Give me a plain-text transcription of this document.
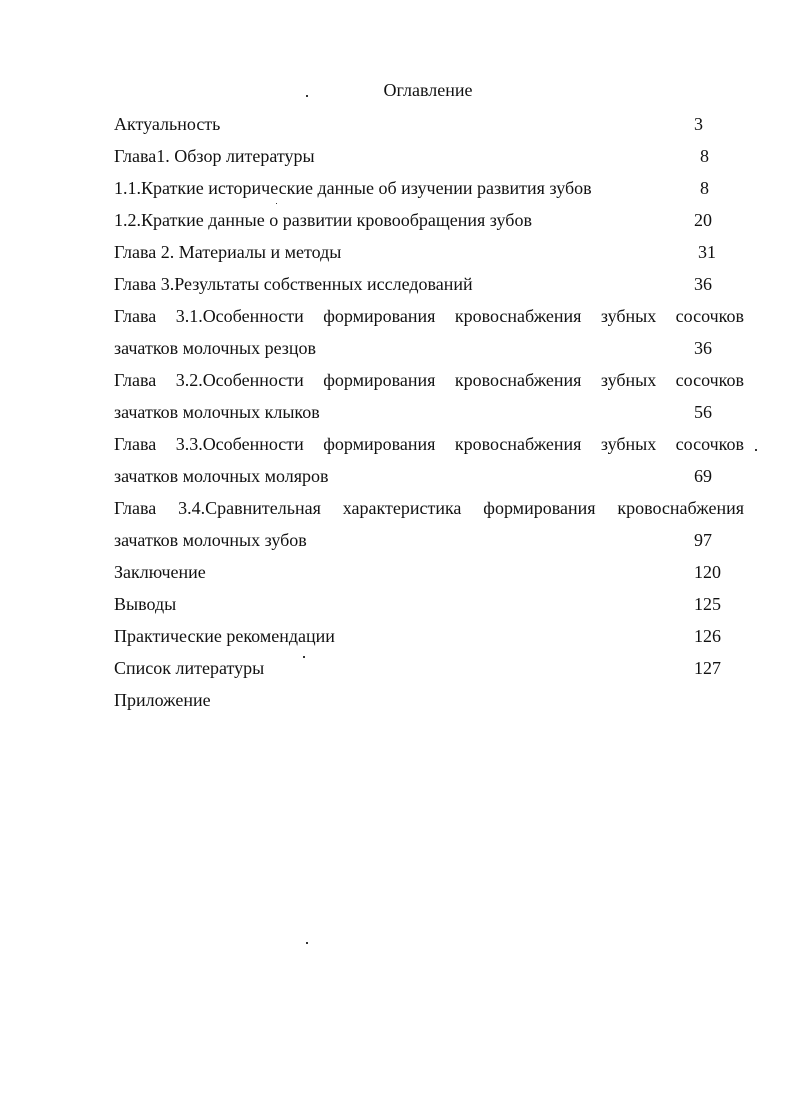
Оглавление
Актуальность	3
Глава1. Обзор литературы	8
1.1.Краткие исторические данные об изучении развития зубов	8
1.2.Краткие данные о развитии кровообращения зубов	20
Глава 2. Материалы и методы	31
Глава 3.Результаты собственных исследований	36
Глава 3.1.Особенности формирования кровоснабжения зубных сосочков
зачатков молочных резцов	36
Глава 3.2.Особенности формирования кровоснабжения зубных сосочков
зачатков молочных клыков	56
Глава 3.3.Особенности формирования кровоснабжения зубных сосочков
зачатков молочных моляров	69
Глава 3.4.Сравнительная характеристика формирования кровоснабжения
зачатков молочных зубов	97
Заключение	120
Выводы	125
Практические рекомендации	126
Список литературы	127
Приложение
